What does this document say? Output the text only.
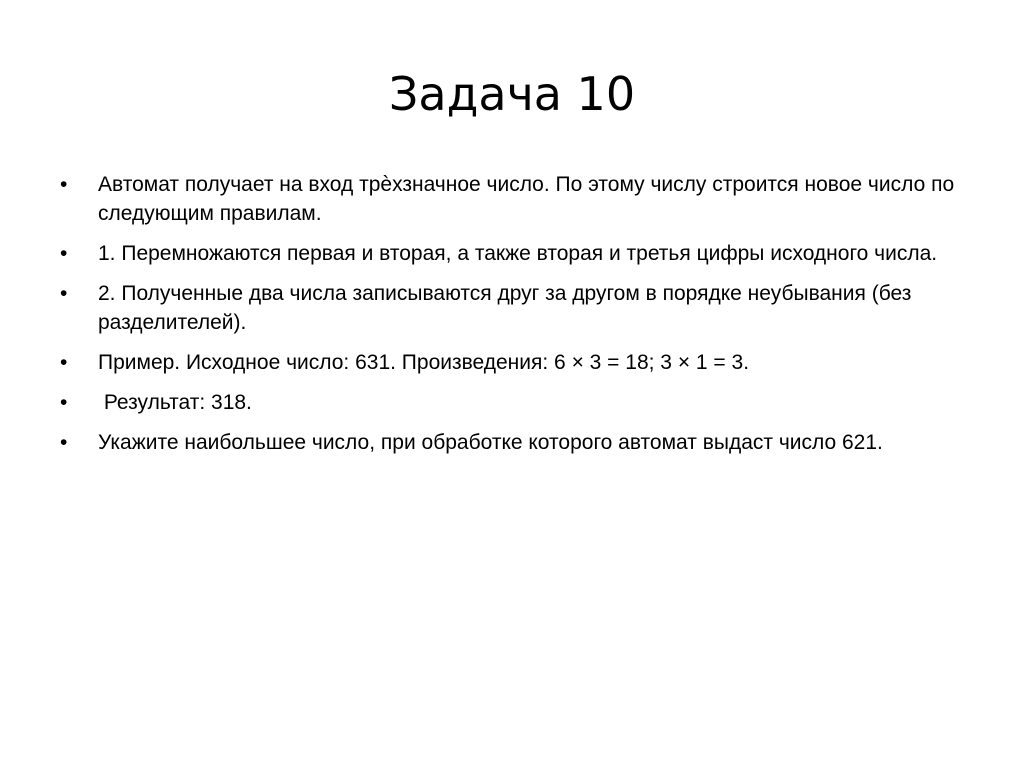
Задача 10
• Автомат получает на вход трѐхзначное число. По этому числу строится новое число по следующим правилам.
• 1. Перемножаются первая и вторая, а также вторая и третья цифры исходного числа.
• 2. Полученные два числа записываются друг за другом в порядке неубывания (без разделителей).
• Пример. Исходное число: 631. Произведения: 6 × 3 = 18; 3 × 1 = 3.
• Результат: 318.
• Укажите наибольшее число, при обработке которого автомат выдаст число 621.
